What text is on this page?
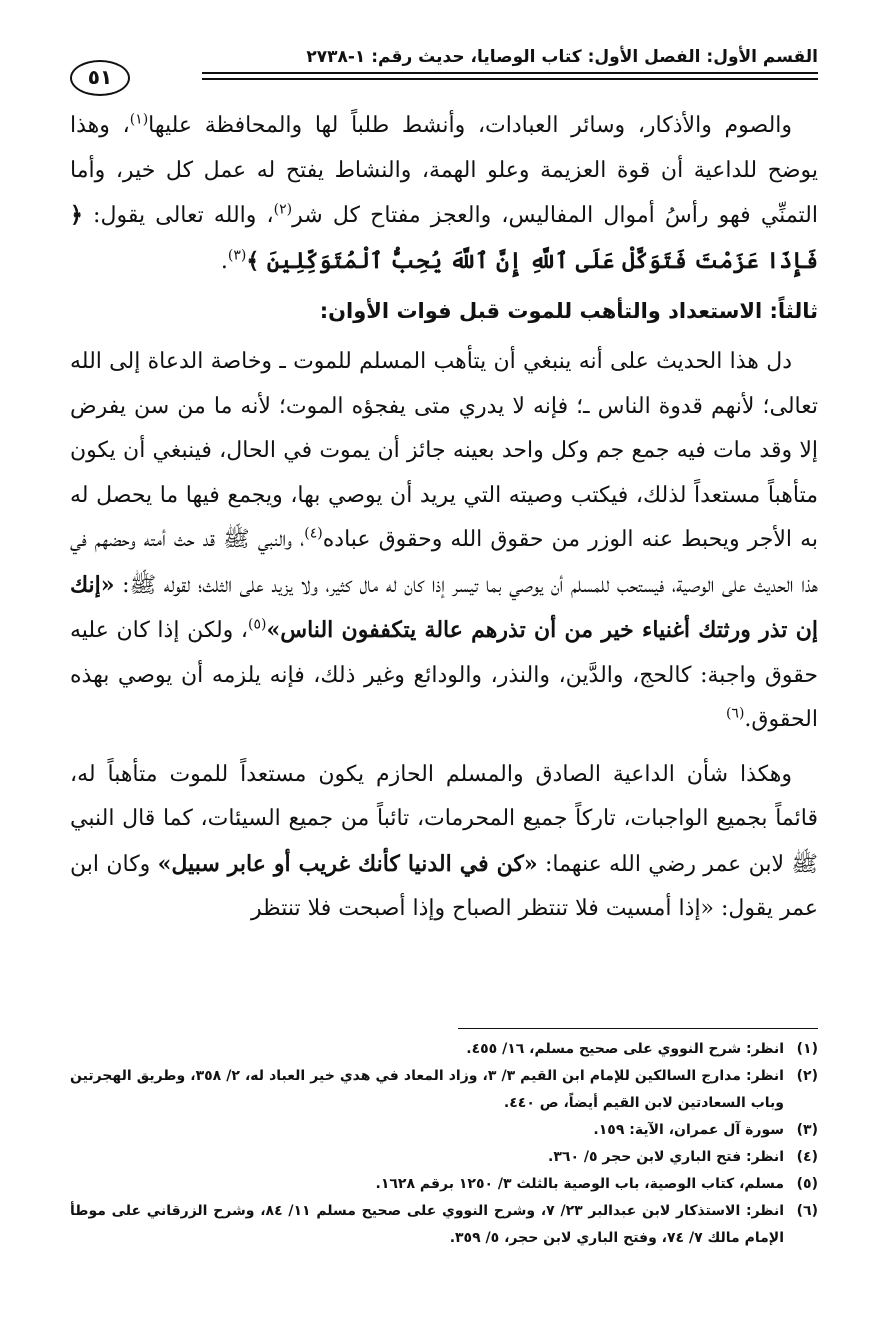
القسم الأول: الفصل الأول: كتاب الوصايا، حديث رقم: ١-٢٧٣٨
٥١

والصوم والأذكار، وسائر العبادات، وأنشط طلباً لها والمحافظة عليها$^{(١)}$، وهذا يوضح للداعية أن قوة العزيمة وعلو الهمة، والنشاط يفتح له عمل كل خير، وأما التمنِّي فهو رأسُ أموال المفاليس، والعجز مفتاح كل شر$^{(٢)}$، والله تعالى يقول: ﴿ فَإِذَا عَزَمْتَ فَتَوَكَّلْ عَلَى ٱللَّهِ إِنَّ ٱللَّهَ يُحِبُّ ٱلْمُتَوَكِّلِينَ ﴾$^{(٣)}$.

ثالثاً: الاستعداد والتأهب للموت قبل فوات الأوان:

دل هذا الحديث على أنه ينبغي أن يتأهب المسلم للموت ـ وخاصة الدعاة إلى الله تعالى؛ لأنهم قدوة الناس ـ؛ فإنه لا يدري متى يفجؤه الموت؛ لأنه ما من سن يفرض إلا وقد مات فيه جمع جم وكل واحد بعينه جائز أن يموت في الحال، فينبغي أن يكون متأهباً مستعداً لذلك، فيكتب وصيته التي يريد أن يوصي بها، ويجمع فيها ما يحصل له به الأجر ويحبط عنه الوزر من حقوق الله وحقوق عباده$^{(٤)}$، والنبي ﷺ قد حث أمته وحضهم في هذا الحديث على الوصية، فيستحب للمسلم أن يوصي بما تيسر إذا كان له مال كثير، ولا يزيد على الثلث؛ لقوله ﷺ: «إنك إن تذر ورثتك أغنياء خير من أن تذرهم عالة يتكففون الناس»$^{(٥)}$، ولكن إذا كان عليه حقوق واجبة: كالحج، والدَّين، والنذر، والودائع وغير ذلك، فإنه يلزمه أن يوصي بهذه الحقوق.$^{(٦)}$

وهكذا شأن الداعية الصادق والمسلم الحازم يكون مستعداً للموت متأهباً له، قائماً بجميع الواجبات، تاركاً جميع المحرمات، تائباً من جميع السيئات، كما قال النبي ﷺ لابن عمر رضي الله عنهما: «كن في الدنيا كأنك غريب أو عابر سبيل» وكان ابن عمر يقول: «إذا أمسيت فلا تنتظر الصباح وإذا أصبحت فلا تنتظر

(١)
انظر: شرح النووي على صحيح مسلم، ١٦/ ٤٥٥.
(٢)
انظر: مدارج السالكين للإمام ابن القيم ٣/ ٣، وزاد المعاد في هدي خير العباد له، ٢/ ٣٥٨، وطريق الهجرتين وباب السعادتين لابن القيم أيضاً، ص ٤٤٠.
(٣)
سورة آل عمران، الآية: ١٥٩.
(٤)
انظر: فتح الباري لابن حجر ٥/ ٣٦٠.
(٥)
مسلم، كتاب الوصية، باب الوصية بالثلث ٣/ ١٢٥٠ برقم ١٦٢٨.
(٦)
انظر: الاستذكار لابن عبدالبر ٢٣/ ٧، وشرح النووي على صحيح مسلم ١١/ ٨٤، وشرح الزرقاني على موطأ الإمام مالك ٧/ ٧٤، وفتح الباري لابن حجر، ٥/ ٣٥٩.
